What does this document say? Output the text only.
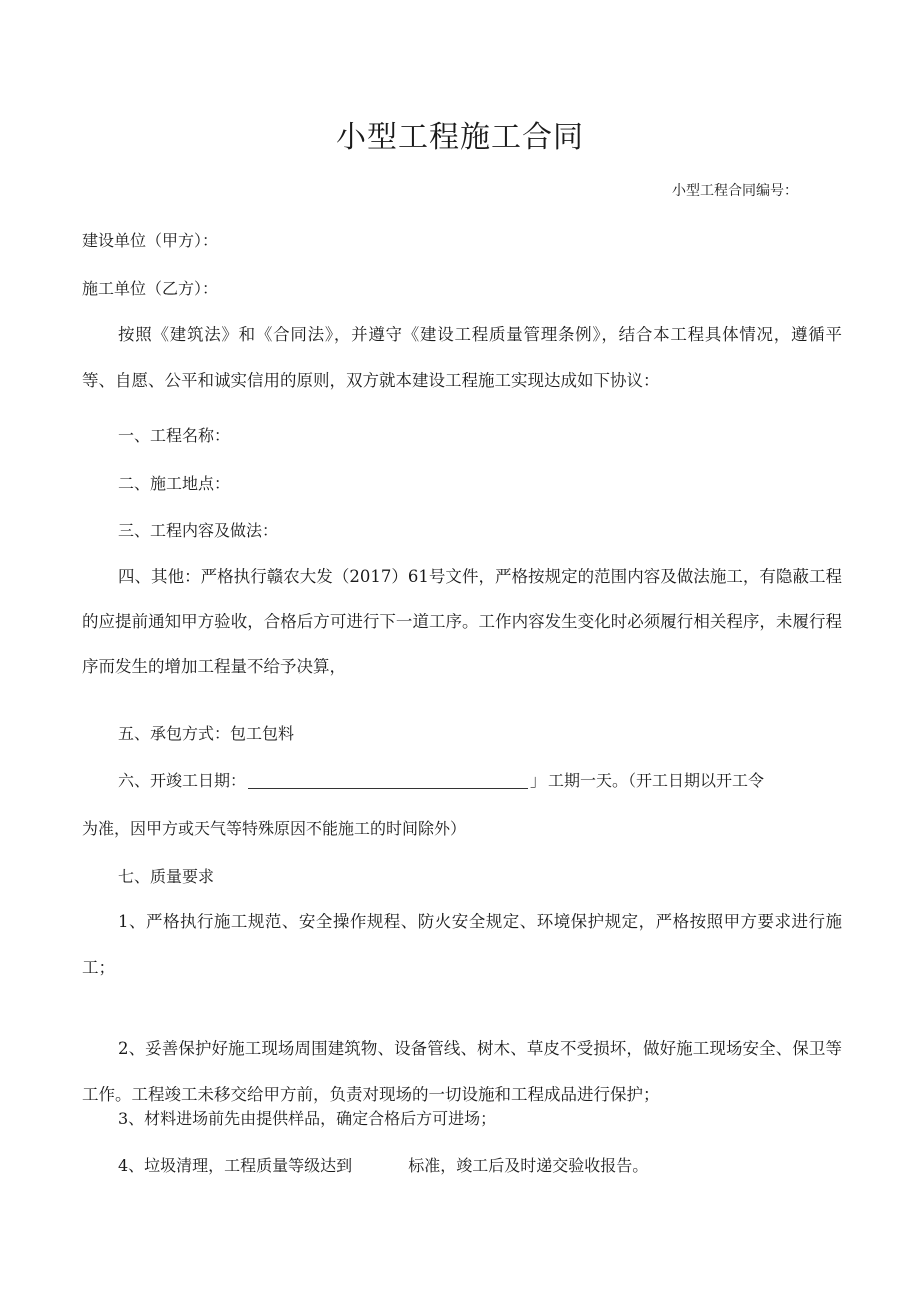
小型工程施工合同
小型工程合同编号：
建设单位（甲方）：
施工单位（乙方）：
按照《建筑法》和《合同法》，并遵守《建设工程质量管理条例》，结合本工程具体情况，遵循平等、自愿、公平和诚实信用的原则，双方就本建设工程施工实现达成如下协议：
一、工程名称：
二、施工地点：
三、工程内容及做法：
四、其他：严格执行赣农大发（2017）61号文件，严格按规定的范围内容及做法施工，有隐蔽工程的应提前通知甲方验收，合格后方可进行下一道工序。工作内容发生变化时必须履行相关程序，未履行程序而发生的增加工程量不给予决算，
五、承包方式：包工包料
六、开竣工日期：	」 工期一天。（开工日期以开工令
为准，因甲方或天气等特殊原因不能施工的时间除外）
七、质量要求
1、严格执行施工规范、安全操作规程、防火安全规定、环境保护规定，严格按照甲方要求进行施工；
2、妥善保护好施工现场周围建筑物、设备管线、树木、草皮不受损坏，做好施工现场安全、保卫等工作。工程竣工未移交给甲方前，负责对现场的一切设施和工程成品进行保护；
3、材料进场前先由提供样品，确定合格后方可进场；
4、垃圾清理，工程质量等级达到	标准，竣工后及时递交验收报告。
